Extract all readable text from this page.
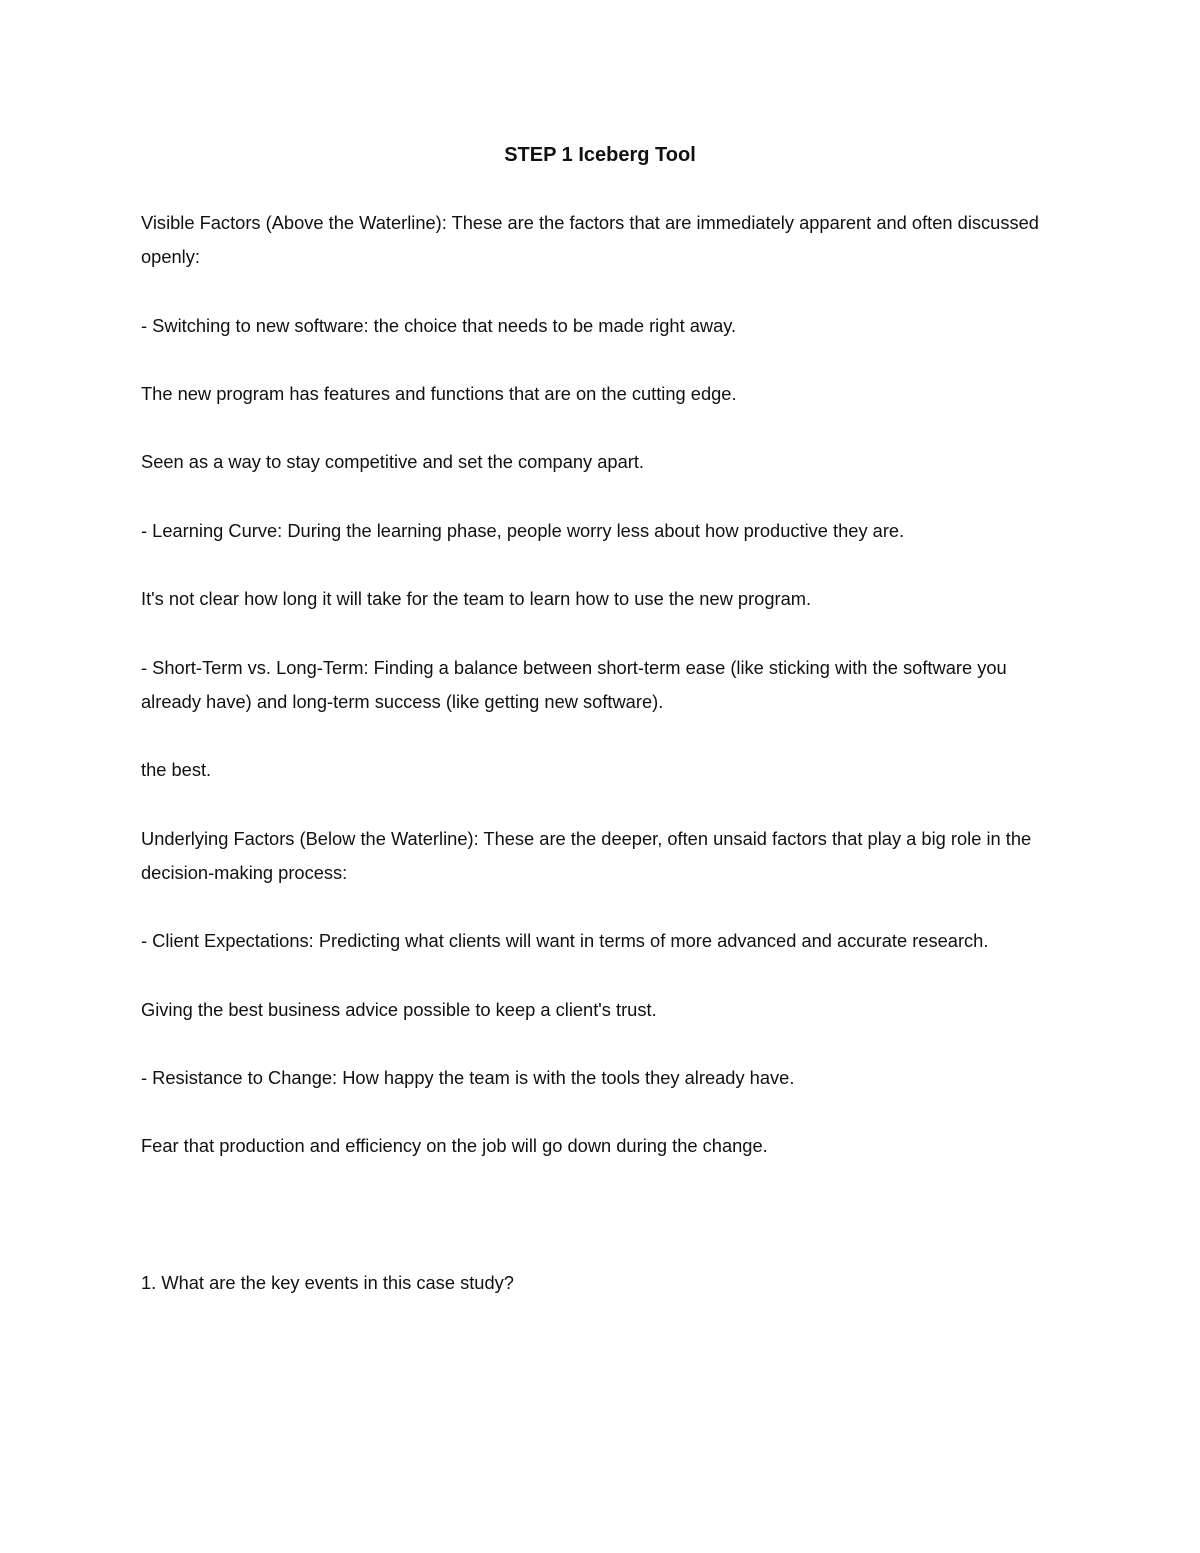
STEP 1 Iceberg Tool

Visible Factors (Above the Waterline): These are the factors that are immediately apparent and often discussed openly:

- Switching to new software: the choice that needs to be made right away.

The new program has features and functions that are on the cutting edge.

Seen as a way to stay competitive and set the company apart.

- Learning Curve: During the learning phase, people worry less about how productive they are.

It's not clear how long it will take for the team to learn how to use the new program.

- Short-Term vs. Long-Term: Finding a balance between short-term ease (like sticking with the software you already have) and long-term success (like getting new software).

the best.

Underlying Factors (Below the Waterline): These are the deeper, often unsaid factors that play a big role in the decision-making process:

- Client Expectations: Predicting what clients will want in terms of more advanced and accurate research.

Giving the best business advice possible to keep a client's trust.

- Resistance to Change: How happy the team is with the tools they already have.

Fear that production and efficiency on the job will go down during the change.

1. What are the key events in this case study?
